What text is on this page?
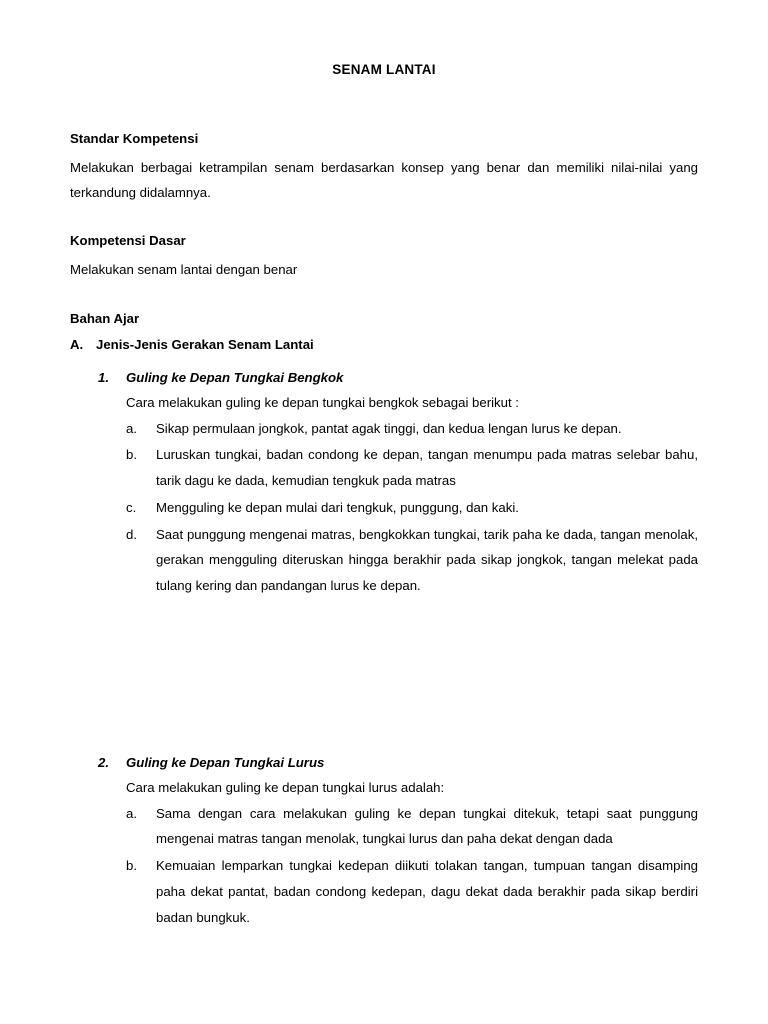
SENAM LANTAI
Standar Kompetensi

Melakukan berbagai ketrampilan senam berdasarkan konsep yang benar dan memiliki nilai-nilai yang terkandung didalamnya.

Kompetensi Dasar

Melakukan senam lantai dengan benar

Bahan Ajar
A. Jenis-Jenis Gerakan Senam Lantai
1.	Guling ke Depan Tungkai Bengkok
Cara melakukan guling ke depan tungkai bengkok sebagai berikut :
a.	Sikap permulaan jongkok, pantat agak tinggi, dan kedua lengan lurus ke depan.
b.	Luruskan tungkai, badan condong ke depan, tangan menumpu pada matras selebar bahu, tarik dagu ke dada, kemudian tengkuk pada matras
c.	Mengguling ke depan mulai dari tengkuk, punggung, dan kaki.
d.	Saat punggung mengenai matras, bengkokkan tungkai, tarik paha ke dada, tangan menolak, gerakan mengguling diteruskan hingga berakhir pada sikap jongkok, tangan melekat pada tulang kering dan pandangan lurus ke depan.
2.	Guling ke Depan Tungkai Lurus
Cara melakukan guling ke depan tungkai lurus adalah:
a.	Sama dengan cara melakukan guling ke depan tungkai ditekuk, tetapi saat punggung mengenai matras tangan menolak, tungkai lurus dan paha dekat dengan dada
b.	Kemuaian lemparkan tungkai kedepan diikuti tolakan tangan, tumpuan tangan disamping paha dekat pantat, badan condong kedepan, dagu dekat dada berakhir pada sikap berdiri badan bungkuk.
